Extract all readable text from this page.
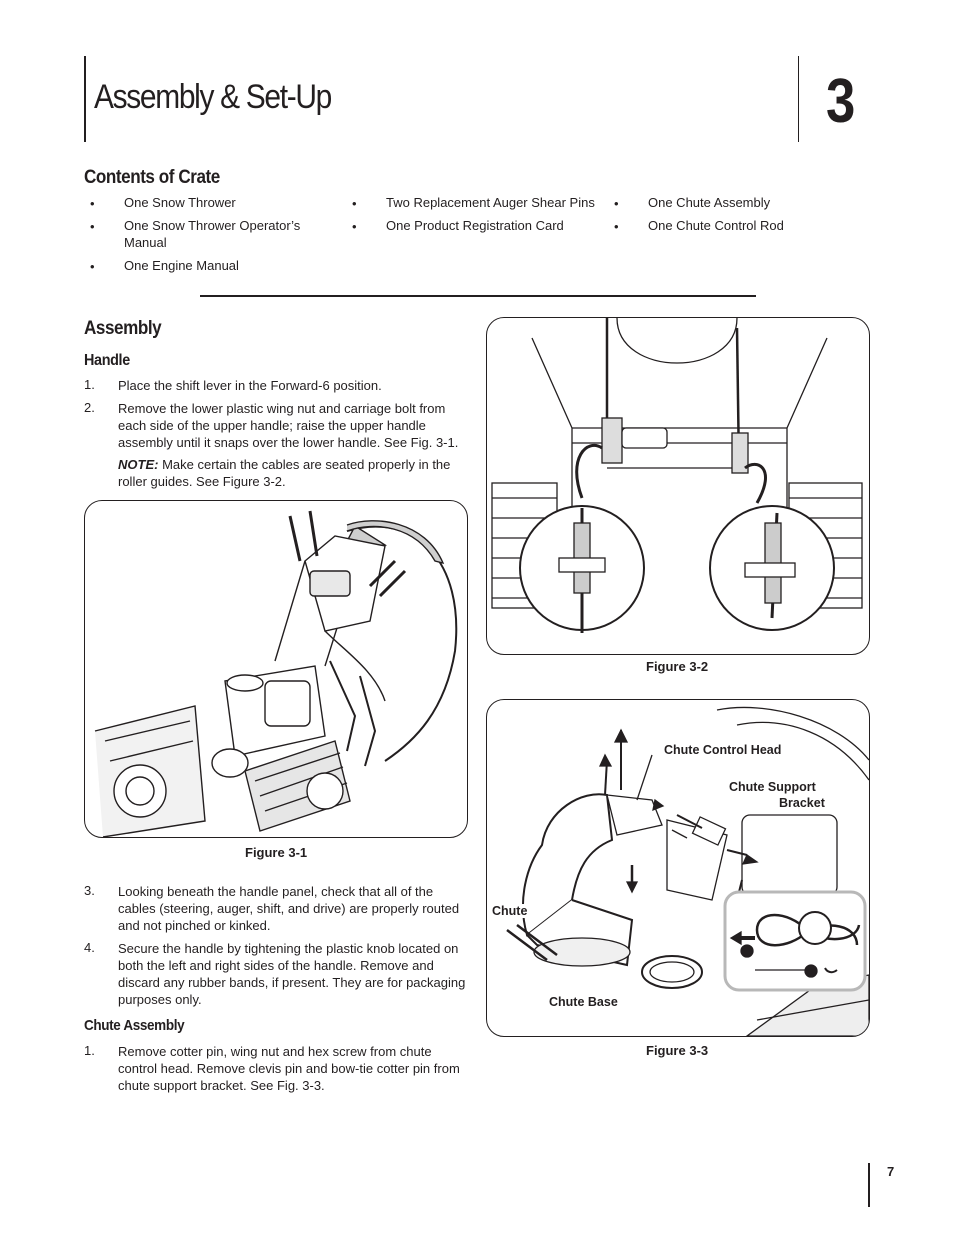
Assembly & Set-Up	3
Contents of Crate
• One Snow Thrower
• One Snow Thrower Operator’s Manual
• One Engine Manual
• Two Replacement Auger Shear Pins
• One Product Registration Card
• One Chute Assembly
• One Chute Control Rod
Assembly
Handle
1. Place the shift lever in the Forward-6 position.
2. Remove the lower plastic wing nut and carriage bolt from each side of the upper handle; raise the upper handle assembly until it snaps over the lower handle. See Fig. 3-1.
NOTE: Make certain the cables are seated properly in the roller guides. See Figure 3-2.
Figure 3-1
3. Looking beneath the handle panel, check that all of the cables (steering, auger, shift, and drive) are properly routed and not pinched or kinked.
4. Secure the handle by tightening the plastic knob located on both the left and right sides of the handle. Remove and discard any rubber bands, if present. They are for packaging purposes only.
Chute Assembly
1. Remove cotter pin, wing nut and hex screw from chute control head. Remove clevis pin and bow-tie cotter pin from chute support bracket. See Fig. 3-3.
Figure 3-2
Chute Control Head
Chute Support
Bracket
Chute
Chute Base
Figure 3-3
7
